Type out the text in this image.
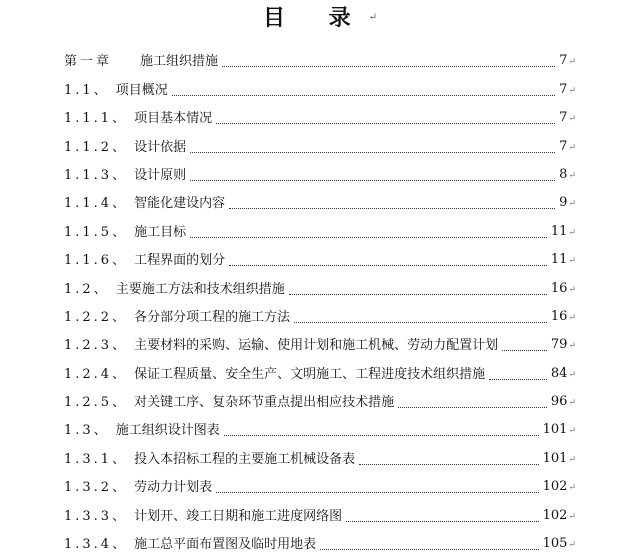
目 录↵
第一章 施工组织措施	7↵
1.1、 项目概况	7↵
1.1.1、 项目基本情况	7↵
1.1.2、 设计依据	7↵
1.1.3、 设计原则	8↵
1.1.4、 智能化建设内容	9↵
1.1.5、 施工目标	11↵
1.1.6、 工程界面的划分	11↵
1.2、 主要施工方法和技术组织措施	16↵
1.2.2、 各分部分项工程的施工方法	16↵
1.2.3、 主要材料的采购、运输、使用计划和施工机械、劳动力配置计划	79↵
1.2.4、 保证工程质量、安全生产、文明施工、工程进度技术组织措施	84↵
1.2.5、 对关键工序、复杂环节重点提出相应技术措施	96↵
1.3、 施工组织设计图表	101↵
1.3.1、 投入本招标工程的主要施工机械设备表	101↵
1.3.2、 劳动力计划表	102↵
1.3.3、 计划开、竣工日期和施工进度网络图	102↵
1.3.4、 施工总平面布置图及临时用地表	105↵
